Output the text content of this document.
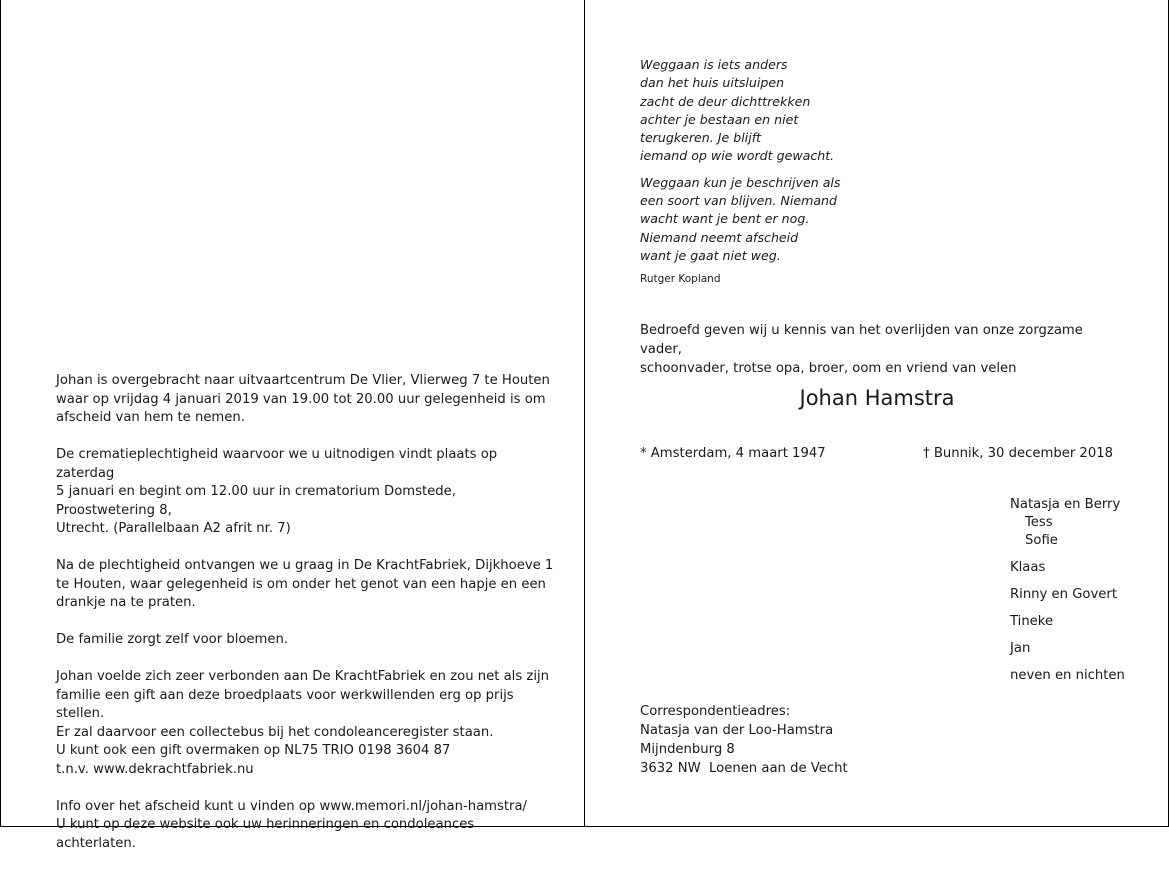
Johan is overgebracht naar uitvaartcentrum De Vlier, Vlierweg 7 te Houten
waar op vrijdag 4 januari 2019 van 19.00 tot 20.00 uur gelegenheid is om
afscheid van hem te nemen.

De crematieplechtigheid waarvoor we u uitnodigen vindt plaats op zaterdag
5 januari en begint om 12.00 uur in crematorium Domstede, Proostwetering 8,
Utrecht. (Parallelbaan A2 afrit nr. 7)

Na de plechtigheid ontvangen we u graag in De KrachtFabriek, Dijkhoeve 1
te Houten, waar gelegenheid is om onder het genot van een hapje en een
drankje na te praten.

De familie zorgt zelf voor bloemen.

Johan voelde zich zeer verbonden aan De KrachtFabriek en zou net als zijn
familie een gift aan deze broedplaats voor werkwillenden erg op prijs stellen.
Er zal daarvoor een collectebus bij het condoleanceregister staan.
U kunt ook een gift overmaken op NL75 TRIO 0198 3604 87
t.n.v. www.dekrachtfabriek.nu

Info over het afscheid kunt u vinden op www.memori.nl/johan-hamstra/
U kunt op deze website ook uw herinneringen en condoleances achterlaten.

Weggaan is iets anders
dan het huis uitsluipen
zacht de deur dichttrekken
achter je bestaan en niet
terugkeren. Je blijft
iemand op wie wordt gewacht.

Weggaan kun je beschrijven als
een soort van blijven. Niemand
wacht want je bent er nog.
Niemand neemt afscheid
want je gaat niet weg.

Rutger Kopland
Bedroefd geven wij u kennis van het overlijden van onze zorgzame vader,
schoonvader, trotse opa, broer, oom en vriend van velen
Johan Hamstra
* Amsterdam, 4 maart 1947	† Bunnik, 30 december 2018
Natasja en Berry
Tess
Sofie
Klaas
Rinny en Govert
Tineke
Jan
neven en nichten
Correspondentieadres:
Natasja van der Loo-Hamstra
Mijndenburg 8
3632 NW  Loenen aan de Vecht
